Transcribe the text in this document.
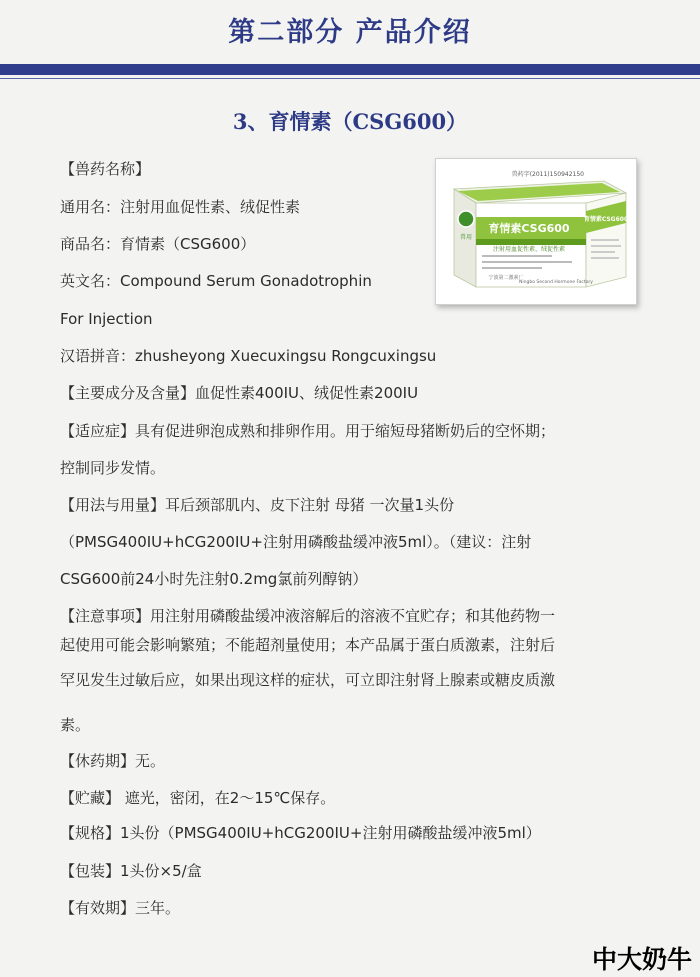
第二部分 产品介绍
3、育情素（CSG600）
兽药字(2011)150942150
育情素CSG600
注射用血促性素、绒促性素
兽用
育情素CSG600
宁波第二激素厂
Ningbo Second Hormone Factory
【兽药名称】
通用名：注射用血促性素、绒促性素
商品名：育情素（CSG600）
英文名：Compound Serum Gonadotrophin
For Injection
汉语拼音：zhusheyong Xuecuxingsu Rongcuxingsu
【主要成分及含量】血促性素400IU、绒促性素200IU
【适应症】具有促进卵泡成熟和排卵作用。用于缩短母猪断奶后的空怀期；
控制同步发情。
【用法与用量】耳后颈部肌内、皮下注射 母猪 一次量1头份
（PMSG400IU+hCG200IU+注射用磷酸盐缓冲液5ml）。（建议：注射
CSG600前24小时先注射0.2mg氯前列醇钠）
【注意事项】用注射用磷酸盐缓冲液溶解后的溶液不宜贮存；和其他药物一
起使用可能会影响繁殖；不能超剂量使用；本产品属于蛋白质激素，注射后
罕见发生过敏后应，如果出现这样的症状，可立即注射肾上腺素或糖皮质激
素。
【休药期】无。
【贮藏】 遮光，密闭，在2～15℃保存。
【规格】1头份（PMSG400IU+hCG200IU+注射用磷酸盐缓冲液5ml）
【包装】1头份×5/盒
【有效期】三年。
中大奶牛
